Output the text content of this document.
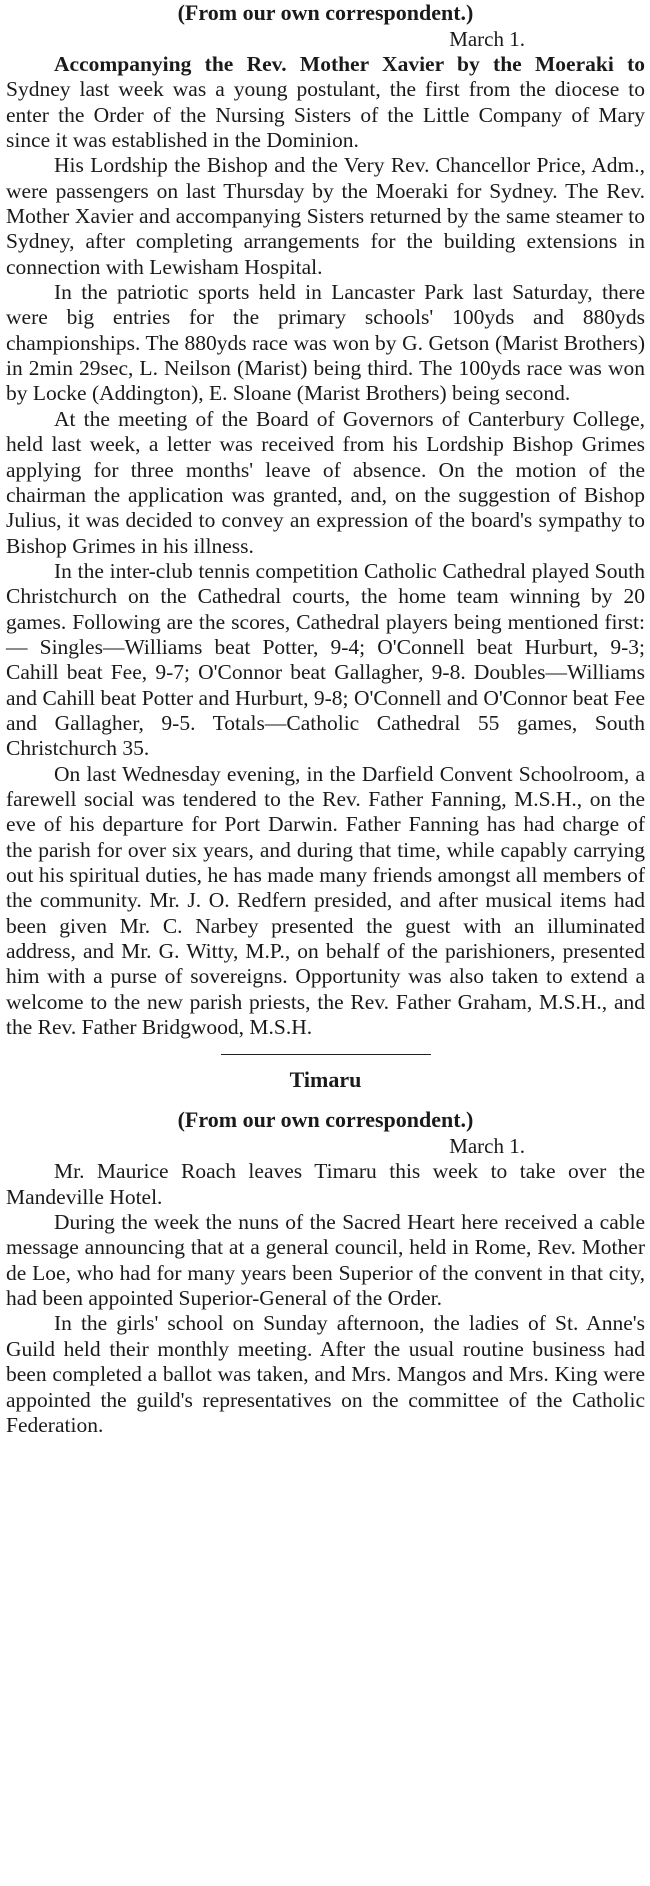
(From our own correspondent.)

March 1.

Accompanying the Rev. Mother Xavier by the Moeraki to Sydney last week was a young postulant, the first from the diocese to enter the Order of the Nursing Sisters of the Little Company of Mary since it was established in the Dominion.

His Lordship the Bishop and the Very Rev. Chancellor Price, Adm., were passengers on last Thursday by the Moeraki for Sydney. The Rev. Mother Xavier and accompanying Sisters returned by the same steamer to Sydney, after completing arrangements for the building extensions in connection with Lewisham Hospital.

In the patriotic sports held in Lancaster Park last Saturday, there were big entries for the primary schools' 100yds and 880yds championships. The 880yds race was won by G. Getson (Marist Brothers) in 2min 29sec, L. Neilson (Marist) being third. The 100yds race was won by Locke (Addington), E. Sloane (Marist Brothers) being second.

At the meeting of the Board of Governors of Canterbury College, held last week, a letter was received from his Lordship Bishop Grimes applying for three months' leave of absence. On the motion of the chairman the application was granted, and, on the suggestion of Bishop Julius, it was decided to convey an expression of the board's sympathy to Bishop Grimes in his illness.

In the inter-club tennis competition Catholic Cathedral played South Christchurch on the Cathedral courts, the home team winning by 20 games. Following are the scores, Cathedral players being mentioned first:— Singles—Williams beat Potter, 9-4; O'Connell beat Hurburt, 9-3; Cahill beat Fee, 9-7; O'Connor beat Gallagher, 9-8. Doubles—Williams and Cahill beat Potter and Hurburt, 9-8; O'Connell and O'Connor beat Fee and Gallagher, 9-5. Totals—Catholic Cathedral 55 games, South Christchurch 35.

On last Wednesday evening, in the Darfield Convent Schoolroom, a farewell social was tendered to the Rev. Father Fanning, M.S.H., on the eve of his departure for Port Darwin. Father Fanning has had charge of the parish for over six years, and during that time, while capably carrying out his spiritual duties, he has made many friends amongst all members of the community. Mr. J. O. Redfern presided, and after musical items had been given Mr. C. Narbey presented the guest with an illuminated address, and Mr. G. Witty, M.P., on behalf of the parishioners, presented him with a purse of sovereigns. Opportunity was also taken to extend a welcome to the new parish priests, the Rev. Father Graham, M.S.H., and the Rev. Father Bridgwood, M.S.H.

Timaru

(From our own correspondent.)

March 1.

Mr. Maurice Roach leaves Timaru this week to take over the Mandeville Hotel.

During the week the nuns of the Sacred Heart here received a cable message announcing that at a general council, held in Rome, Rev. Mother de Loe, who had for many years been Superior of the convent in that city, had been appointed Superior-General of the Order.

In the girls' school on Sunday afternoon, the ladies of St. Anne's Guild held their monthly meeting. After the usual routine business had been completed a ballot was taken, and Mrs. Mangos and Mrs. King were appointed the guild's representatives on the committee of the Catholic Federation.
